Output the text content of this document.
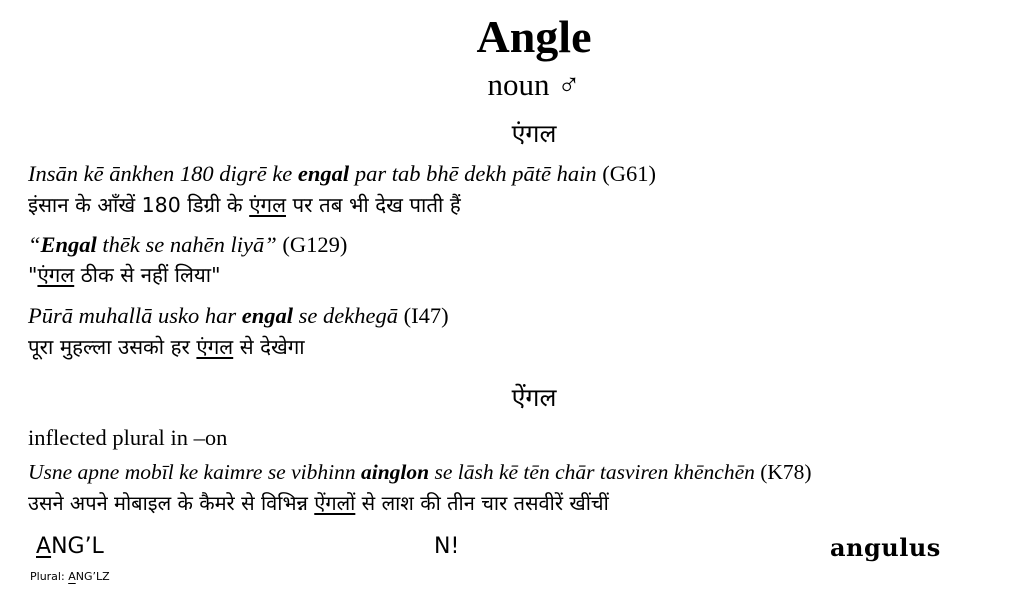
Angle
noun ♂
एंगल
Insān kē ānkhen 180 digrē ke engal par tab bhē dekh pātē hain (G61)
इंसान के आँखें 180 डिग्री के एंगल पर तब भी देख पाती हैं
“Engal thēk se nahēn liyā” (G129)
"एंगल ठीक से नहीं लिया"
Pūrā muhallā usko har engal se dekhegā (I47)
पूरा मुहल्ला उसको हर एंगल से देखेगा
ऐंगल
inflected plural in –on
Usne apne mobīl ke kaimre se vibhinn ainglon se lāsh kē tēn chār tasviren khēnchēn (K78)
उसने अपने मोबाइल के कैमरे से विभिन्न ऐंगलों से लाश की तीन चार तसवीरें खींचीं
ANG’L	N!	angulus
Plural: ANG’LZ
